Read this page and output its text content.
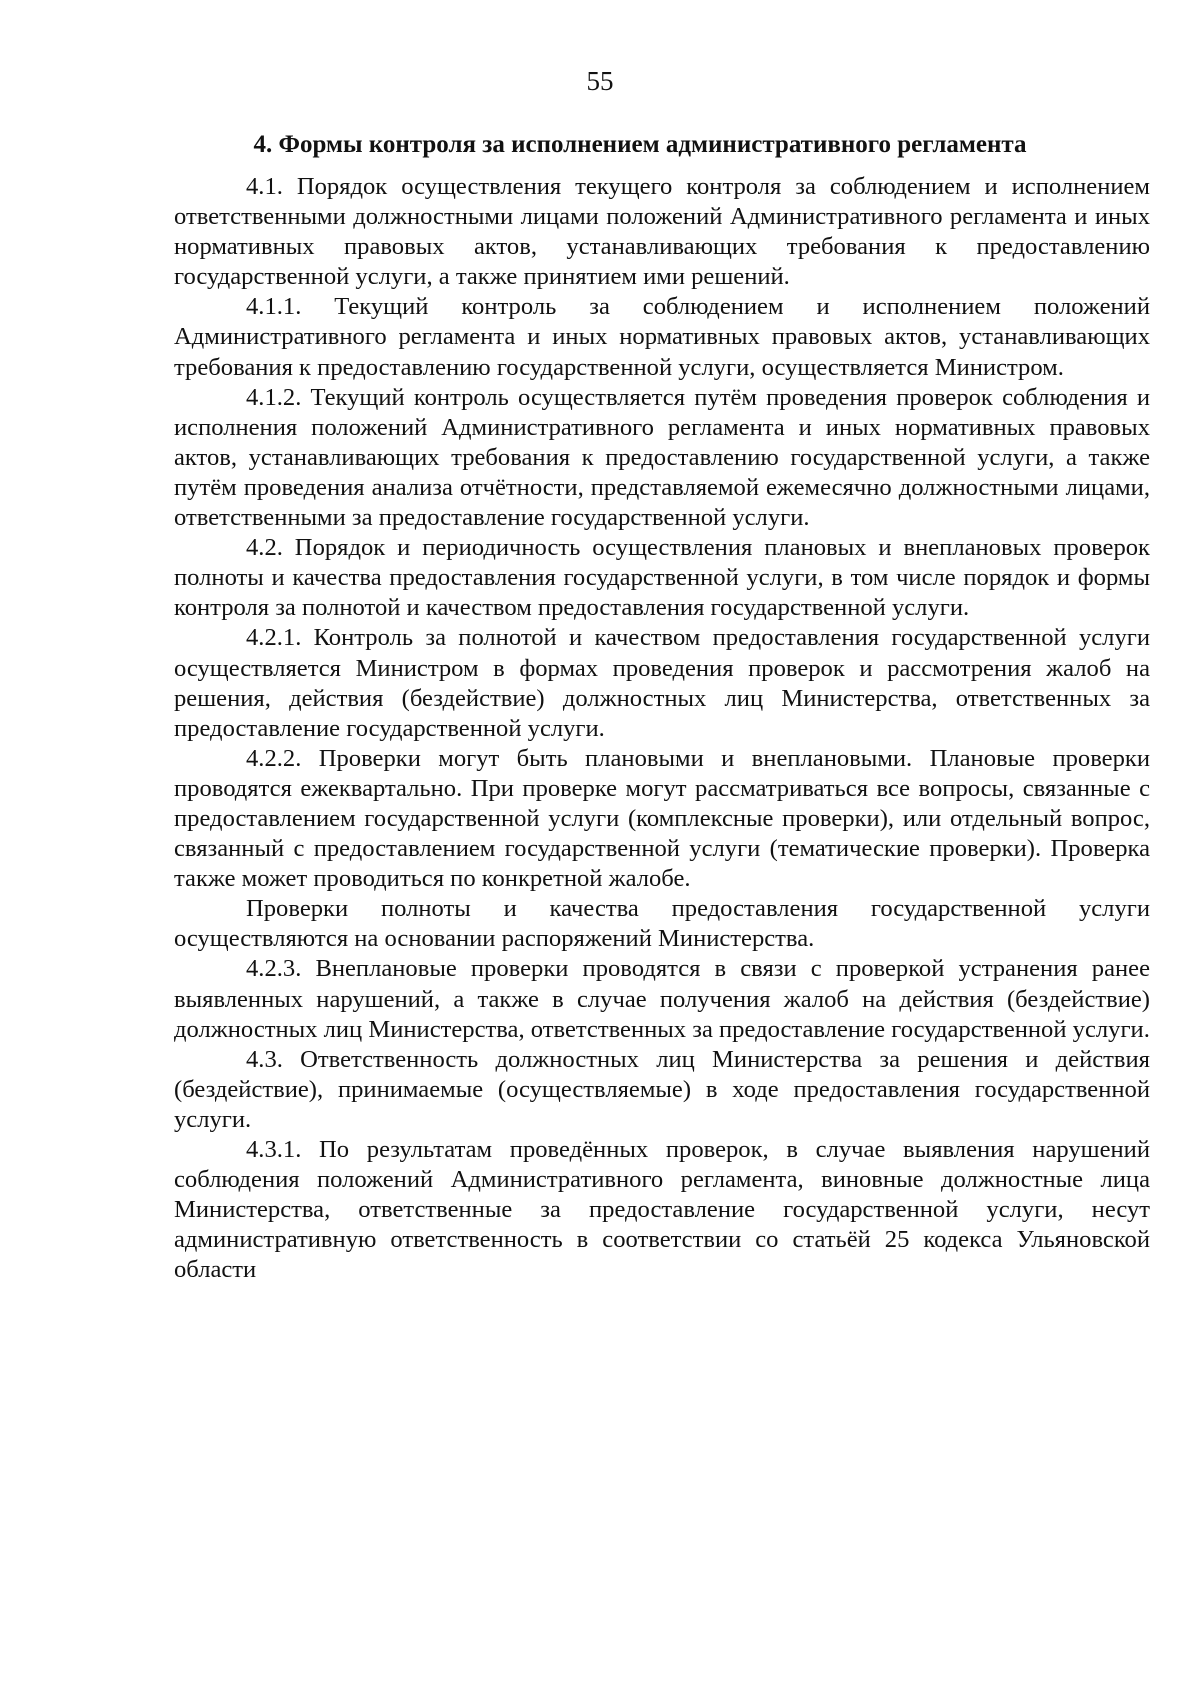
55
4. Формы контроля за исполнением административного регламента

4.1. Порядок осуществления текущего контроля за соблюдением и исполнением ответственными должностными лицами положений Административного регламента и иных нормативных правовых актов, устанавливающих требования к предоставлению государственной услуги, а также принятием ими решений.

4.1.1. Текущий контроль за соблюдением и исполнением положений Административного регламента и иных нормативных правовых актов, устанавливающих требования к предоставлению государственной услуги, осуществляется Министром.

4.1.2. Текущий контроль осуществляется путём проведения проверок соблюдения и исполнения положений Административного регламента и иных нормативных правовых актов, устанавливающих требования к предоставлению государственной услуги, а также путём проведения анализа отчётности, представляемой ежемесячно должностными лицами, ответственными за предоставление государственной услуги.

4.2. Порядок и периодичность осуществления плановых и внеплановых проверок полноты и качества предоставления государственной услуги, в том числе порядок и формы контроля за полнотой и качеством предоставления государственной услуги.

4.2.1. Контроль за полнотой и качеством предоставления государственной услуги осуществляется Министром в формах проведения проверок и рассмотрения жалоб на решения, действия (бездействие) должностных лиц Министерства, ответственных за предоставление государственной услуги.

4.2.2. Проверки могут быть плановыми и внеплановыми. Плановые проверки проводятся ежеквартально. При проверке могут рассматриваться все вопросы, связанные с предоставлением государственной услуги (комплексные проверки), или отдельный вопрос, связанный с предоставлением государственной услуги (тематические проверки). Проверка также может проводиться по конкретной жалобе.

Проверки полноты и качества предоставления государственной услуги осуществляются на основании распоряжений Министерства.

4.2.3. Внеплановые проверки проводятся в связи с проверкой устранения ранее выявленных нарушений, а также в случае получения жалоб на действия (бездействие) должностных лиц Министерства, ответственных за предоставление государственной услуги.

4.3. Ответственность должностных лиц Министерства за решения и действия (бездействие), принимаемые (осуществляемые) в ходе предоставления государственной услуги.

4.3.1. По результатам проведённых проверок, в случае выявления нарушений соблюдения положений Административного регламента, виновные должностные лица Министерства, ответственные за предоставление государственной услуги, несут административную ответственность в соответствии со статьёй 25 кодекса Ульяновской области
